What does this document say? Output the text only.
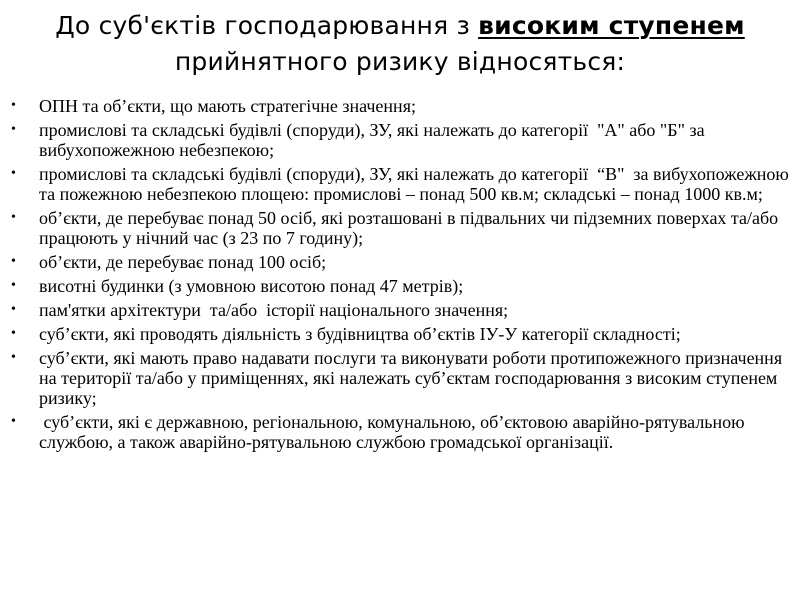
До суб'єктів господарювання з високим ступенем
прийнятного ризику відносяться:
• ОПН та об’єкти, що мають стратегічне значення;
• промислові та складські будівлі (споруди), ЗУ, які належать до категорії  "А" або "Б" за вибухопожежною небезпекою;
• промислові та складські будівлі (споруди), ЗУ, які належать до категорії  “В"  за вибухопожежною та пожежною небезпекою площею: промислові – понад 500 кв.м; складські – понад 1000 кв.м;
• об’єкти, де перебуває понад 50 осіб, які розташовані в підвальних чи підземних поверхах та/або працюють у нічний час (з 23 по 7 годину);
• об’єкти, де перебуває понад 100 осіб;
• висотні будинки (з умовною висотою понад 47 метрів);
• пам'ятки архітектури  та/або  історії національного значення;
• суб’єкти, які проводять діяльність з будівництва об’єктів ІУ-У категорії складності;
• суб’єкти, які мають право надавати послуги та виконувати роботи протипожежного призначення на території та/або у приміщеннях, які належать суб’єктам господарювання з високим ступенем ризику;
• суб’єкти, які є державною, регіональною, комунальною, об’єктовою аварійно-рятувальною службою, а також аварійно-рятувальною службою громадської організації.
